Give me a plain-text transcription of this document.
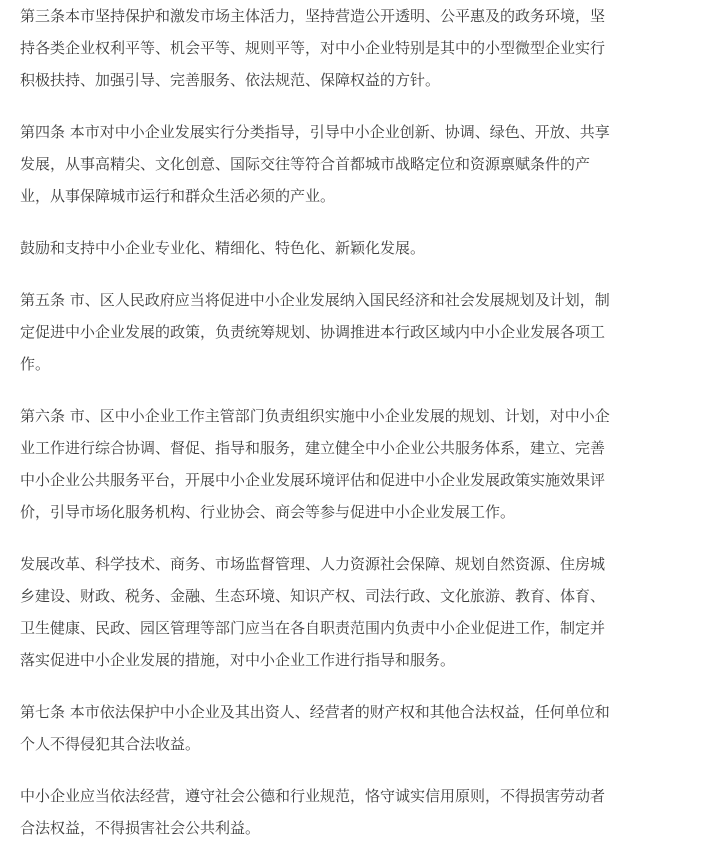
第三条本市坚持保护和激发市场主体活力，坚持营造公开透明、公平惠及的政务环境，坚
持各类企业权利平等、机会平等、规则平等，对中小企业特别是其中的小型微型企业实行
积极扶持、加强引导、完善服务、依法规范、保障权益的方针。

第四条 本市对中小企业发展实行分类指导，引导中小企业创新、协调、绿色、开放、共享
发展，从事高精尖、文化创意、国际交往等符合首都城市战略定位和资源禀赋条件的产
业，从事保障城市运行和群众生活必须的产业。

鼓励和支持中小企业专业化、精细化、特色化、新颖化发展。

第五条 市、区人民政府应当将促进中小企业发展纳入国民经济和社会发展规划及计划，制
定促进中小企业发展的政策，负责统筹规划、协调推进本行政区域内中小企业发展各项工
作。

第六条 市、区中小企业工作主管部门负责组织实施中小企业发展的规划、计划，对中小企
业工作进行综合协调、督促、指导和服务，建立健全中小企业公共服务体系，建立、完善
中小企业公共服务平台，开展中小企业发展环境评估和促进中小企业发展政策实施效果评
价，引导市场化服务机构、行业协会、商会等参与促进中小企业发展工作。

发展改革、科学技术、商务、市场监督管理、人力资源社会保障、规划自然资源、住房城
乡建设、财政、税务、金融、生态环境、知识产权、司法行政、文化旅游、教育、体育、
卫生健康、民政、园区管理等部门应当在各自职责范围内负责中小企业促进工作，制定并
落实促进中小企业发展的措施，对中小企业工作进行指导和服务。

第七条 本市依法保护中小企业及其出资人、经营者的财产权和其他合法权益，任何单位和
个人不得侵犯其合法收益。

中小企业应当依法经营，遵守社会公德和行业规范，恪守诚实信用原则，不得损害劳动者
合法权益，不得损害社会公共利益。
